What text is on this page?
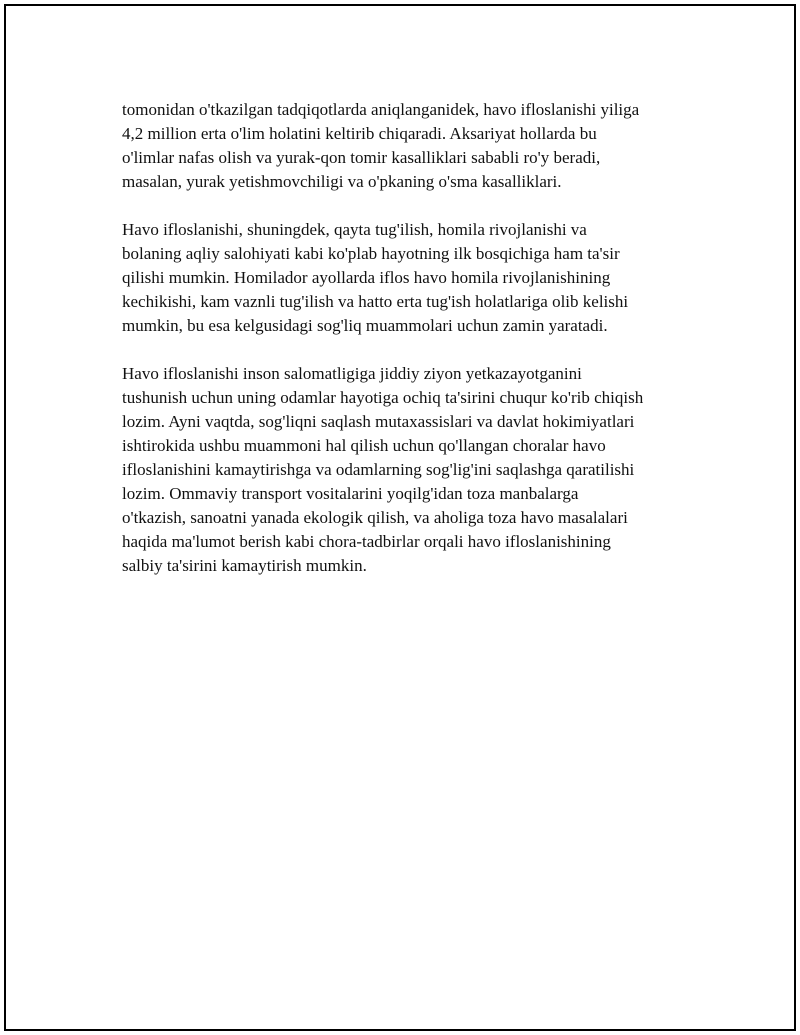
tomonidan o'tkazilgan tadqiqotlarda aniqlanganidek, havo ifloslanishi yiliga
4,2 million erta o'lim holatini keltirib chiqaradi. Aksariyat hollarda bu
o'limlar nafas olish va yurak-qon tomir kasalliklari sababli ro'y beradi,
masalan, yurak yetishmovchiligi va o'pkaning o'sma kasalliklari.

Havo ifloslanishi, shuningdek, qayta tug'ilish, homila rivojlanishi va
bolaning aqliy salohiyati kabi ko'plab hayotning ilk bosqichiga ham ta'sir
qilishi mumkin. Homilador ayollarda iflos havo homila rivojlanishining
kechikishi, kam vaznli tug'ilish va hatto erta tug'ish holatlariga olib kelishi
mumkin, bu esa kelgusidagi sog'liq muammolari uchun zamin yaratadi.

Havo ifloslanishi inson salomatligiga jiddiy ziyon yetkazayotganini
tushunish uchun uning odamlar hayotiga ochiq ta'sirini chuqur ko'rib chiqish
lozim. Ayni vaqtda, sog'liqni saqlash mutaxassislari va davlat hokimiyatlari
ishtirokida ushbu muammoni hal qilish uchun qo'llangan choralar havo
ifloslanishini kamaytirishga va odamlarning sog'lig'ini saqlashga qaratilishi
lozim. Ommaviy transport vositalarini yoqilg'idan toza manbalarga
o'tkazish, sanoatni yanada ekologik qilish, va aholiga toza havo masalalari
haqida ma'lumot berish kabi chora-tadbirlar orqali havo ifloslanishining
salbiy ta'sirini kamaytirish mumkin.
